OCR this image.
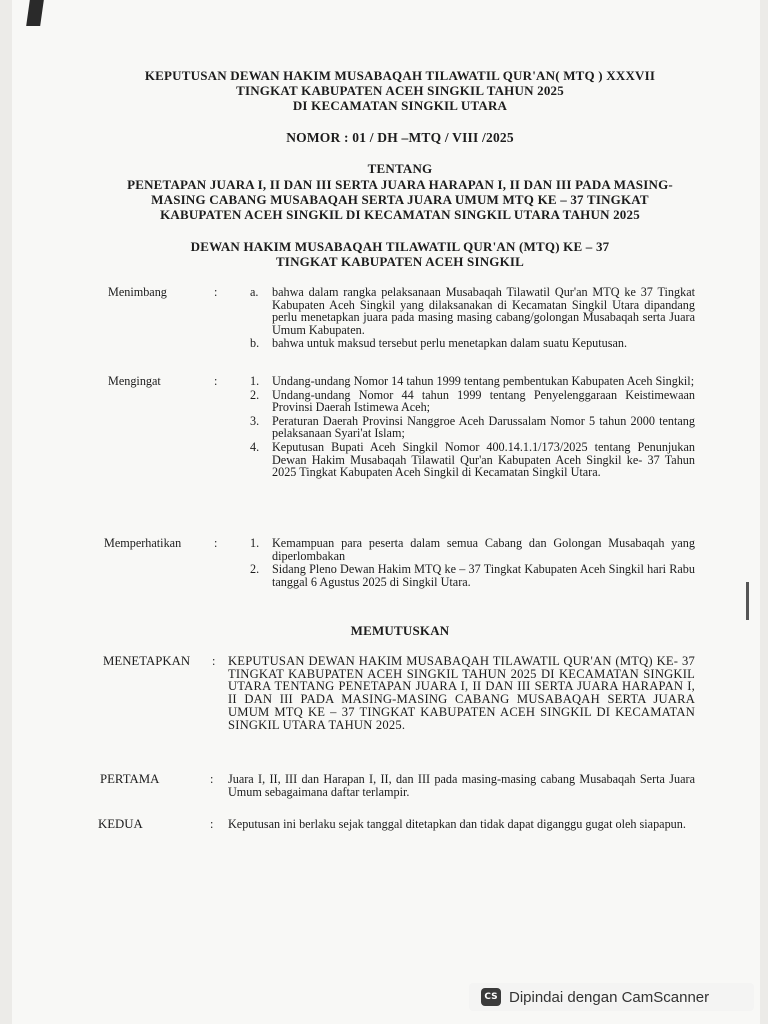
KEPUTUSAN DEWAN HAKIM MUSABAQAH TILAWATIL QUR'AN( MTQ ) XXXVII
TINGKAT KABUPATEN ACEH SINGKIL TAHUN 2025
DI KECAMATAN SINGKIL UTARA
NOMOR : 01 / DH –MTQ / VIII /2025
TENTANG
PENETAPAN JUARA I, II DAN III SERTA JUARA HARAPAN I, II DAN III PADA MASING-
MASING CABANG MUSABAQAH SERTA JUARA UMUM MTQ KE – 37 TINGKAT
KABUPATEN ACEH SINGKIL DI KECAMATAN SINGKIL UTARA TAHUN 2025
DEWAN HAKIM MUSABAQAH TILAWATIL QUR'AN (MTQ) KE – 37
TINGKAT KABUPATEN ACEH SINGKIL
Menimbang	:	a. bahwa dalam rangka pelaksanaan Musabaqah Tilawatil Qur'an MTQ ke 37 Tingkat Kabupaten Aceh Singkil yang dilaksanakan di Kecamatan Singkil Utara dipandang perlu menetapkan juara pada masing masing cabang/golongan Musabaqah serta Juara Umum Kabupaten.
b. bahwa untuk maksud tersebut perlu menetapkan dalam suatu Keputusan.
Mengingat	:	1. Undang-undang Nomor 14 tahun 1999 tentang pembentukan Kabupaten Aceh Singkil;
2. Undang-undang Nomor 44 tahun 1999 tentang Penyelenggaraan Keistimewaan Provinsi Daerah Istimewa Aceh;
3. Peraturan Daerah Provinsi Nanggroe Aceh Darussalam Nomor 5 tahun 2000 tentang pelaksanaan Syari'at Islam;
4. Keputusan Bupati Aceh Singkil Nomor 400.14.1.1/173/2025 tentang Penunjukan Dewan Hakim Musabaqah Tilawatil Qur'an Kabupaten Aceh Singkil ke- 37 Tahun 2025 Tingkat Kabupaten Aceh Singkil di Kecamatan Singkil Utara.
Memperhatikan	:	1. Kemampuan para peserta dalam semua Cabang dan Golongan Musabaqah yang diperlombakan
2. Sidang Pleno Dewan Hakim MTQ ke – 37 Tingkat Kabupaten Aceh Singkil hari Rabu tanggal 6 Agustus 2025 di Singkil Utara.
MEMUTUSKAN
MENETAPKAN : KEPUTUSAN DEWAN HAKIM MUSABAQAH TILAWATIL QUR'AN (MTQ) KE- 37 TINGKAT KABUPATEN ACEH SINGKIL TAHUN 2025 DI KECAMATAN SINGKIL UTARA TENTANG PENETAPAN JUARA I, II DAN III SERTA JUARA HARAPAN I, II DAN III PADA MASING-MASING CABANG MUSABAQAH SERTA JUARA UMUM MTQ KE – 37 TINGKAT KABUPATEN ACEH SINGKIL DI KECAMATAN SINGKIL UTARA TAHUN 2025.
PERTAMA	: Juara I, II, III dan Harapan I, II, dan III pada masing-masing cabang Musabaqah Serta Juara Umum sebagaimana daftar terlampir.
KEDUA	: Keputusan ini berlaku sejak tanggal ditetapkan dan tidak dapat diganggu gugat oleh siapapun.
CS Dipindai dengan CamScanner
